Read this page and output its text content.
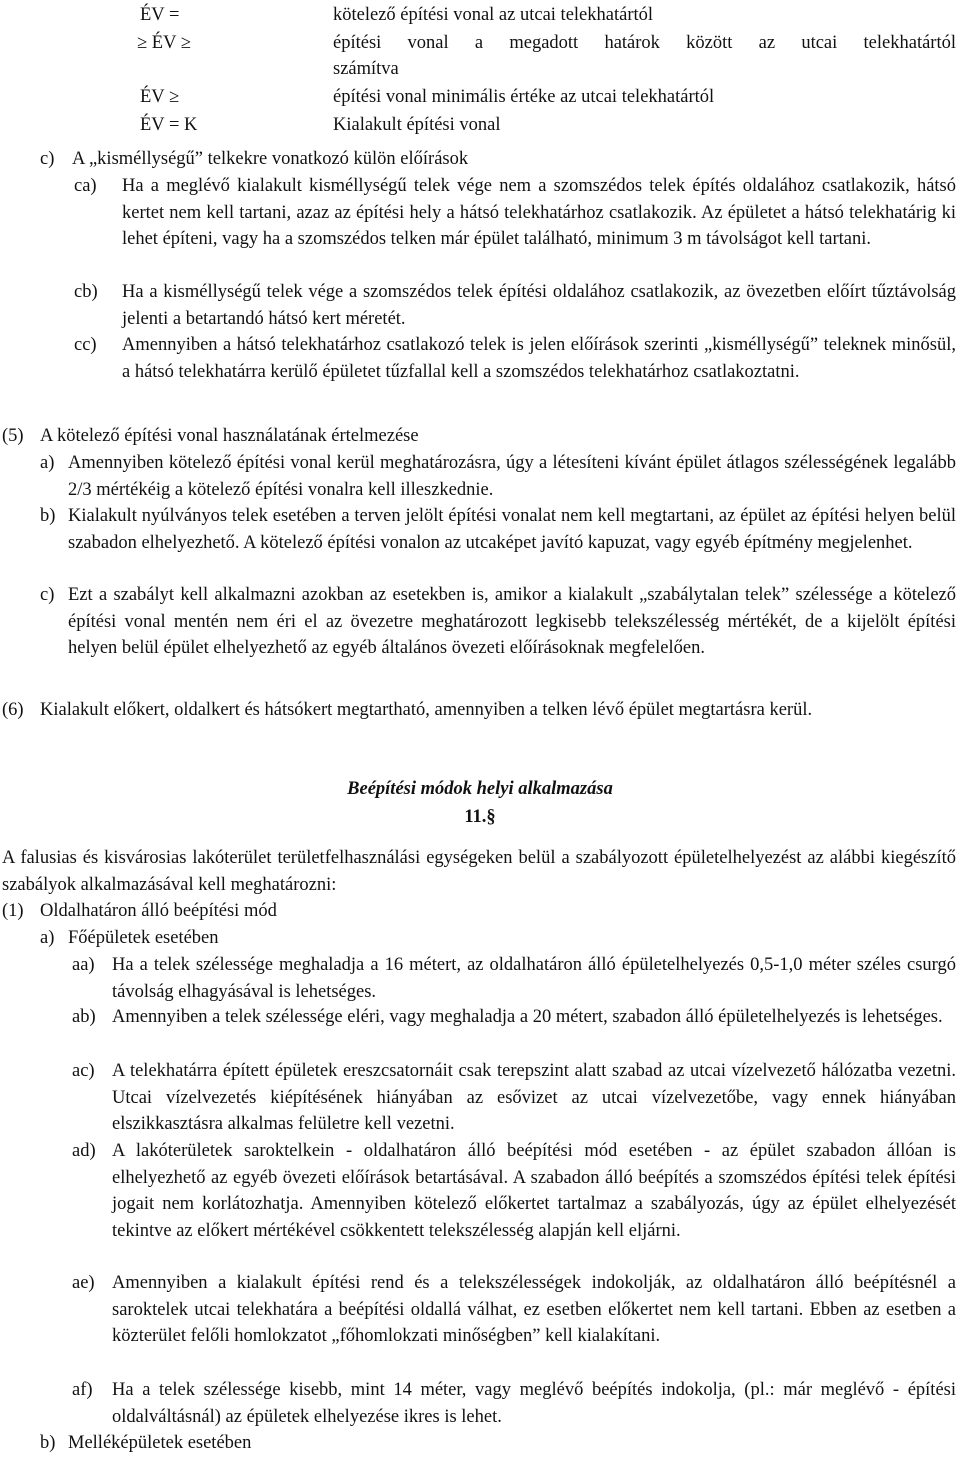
ÉV =	kötelező építési vonal az utcai telekhatártól
≥ ÉV ≥	építési vonal a megadott határok között az utcai telekhatártól
számítva
ÉV ≥	építési vonal minimális értéke az utcai telekhatártól
ÉV = K	Kialakult építési vonal
c) A „kisméllységű” telkekre vonatkozó külön előírások
ca) Ha a meglévő kialakult kisméllységű telek vége nem a szomszédos telek építés oldalához csatlakozik, hátsó kertet nem kell tartani, azaz az építési hely a hátsó telekhatárhoz csatlakozik. Az épületet a hátsó telekhatárig ki lehet építeni, vagy ha a szomszédos telken már épület található, minimum 3 m távolságot kell tartani.
cb) Ha a kisméllységű telek vége a szomszédos telek építési oldalához csatlakozik, az övezetben előírt tűztávolság jelenti a betartandó hátsó kert méretét.
cc) Amennyiben a hátsó telekhatárhoz csatlakozó telek is jelen előírások szerinti „kisméllységű” teleknek minősül, a hátsó telekhatárra kerülő épületet tűzfallal kell a szomszédos telekhatárhoz csatlakoztatni.
(5) A kötelező építési vonal használatának értelmezése
a) Amennyiben kötelező építési vonal kerül meghatározásra, úgy a létesíteni kívánt épület átlagos szélességének legalább 2/3 mértékéig a kötelező építési vonalra kell illeszkednie.
b) Kialakult nyúlványos telek esetében a terven jelölt építési vonalat nem kell megtartani, az épület az építési helyen belül szabadon elhelyezhető. A kötelező építési vonalon az utcaképet javító kapuzat, vagy egyéb építmény megjelenhet.
c) Ezt a szabályt kell alkalmazni azokban az esetekben is, amikor a kialakult „szabálytalan telek” szélessége a kötelező építési vonal mentén nem éri el az övezetre meghatározott legkisebb telekszélesség mértékét, de a kijelölt építési helyen belül épület elhelyezhető az egyéb általános övezeti előírásoknak megfelelően.
(6) Kialakult előkert, oldalkert és hátsókert megtartható, amennyiben a telken lévő épület megtartásra kerül.
Beépítési módok helyi alkalmazása
11.§
A falusias és kisvárosias lakóterület területfelhasználási egységeken belül a szabályozott épületelhelyezést az alábbi kiegészítő szabályok alkalmazásával kell meghatározni:
(1) Oldalhatáron álló beépítési mód
a) Főépületek esetében
aa) Ha a telek szélessége meghaladja a 16 métert, az oldalhatáron álló épületelhelyezés 0,5-1,0 méter széles csurgó távolság elhagyásával is lehetséges.
ab) Amennyiben a telek szélessége eléri, vagy meghaladja a 20 métert, szabadon álló épületelhelyezés is lehetséges.
ac) A telekhatárra épített épületek ereszcsatornáit csak terepszint alatt szabad az utcai vízelvezető hálózatba vezetni. Utcai vízelvezetés kiépítésének hiányában az esővizet az utcai vízelvezetőbe, vagy ennek hiányában elszikkasztásra alkalmas felületre kell vezetni.
ad) A lakóterületek saroktelkein - oldalhatáron álló beépítési mód esetében - az épület szabadon állóan is elhelyezhető az egyéb övezeti előírások betartásával. A szabadon álló beépítés a szomszédos építési telek építési jogait nem korlátozhatja. Amennyiben kötelező előkertet tartalmaz a szabályozás, úgy az épület elhelyezését tekintve az előkert mértékével csökkentett telekszélesség alapján kell eljárni.
ae) Amennyiben a kialakult építési rend és a telekszélességek indokolják, az oldalhatáron álló beépítésnél a saroktelek utcai telekhatára a beépítési oldallá válhat, ez esetben előkertet nem kell tartani. Ebben az esetben a közterület felőli homlokzatot „főhomlokzati minőségben” kell kialakítani.
af) Ha a telek szélessége kisebb, mint 14 méter, vagy meglévő beépítés indokolja, (pl.: már meglévő - építési oldalváltásnál) az épületek elhelyezése ikres is lehet.
b) Melléképületek esetében
